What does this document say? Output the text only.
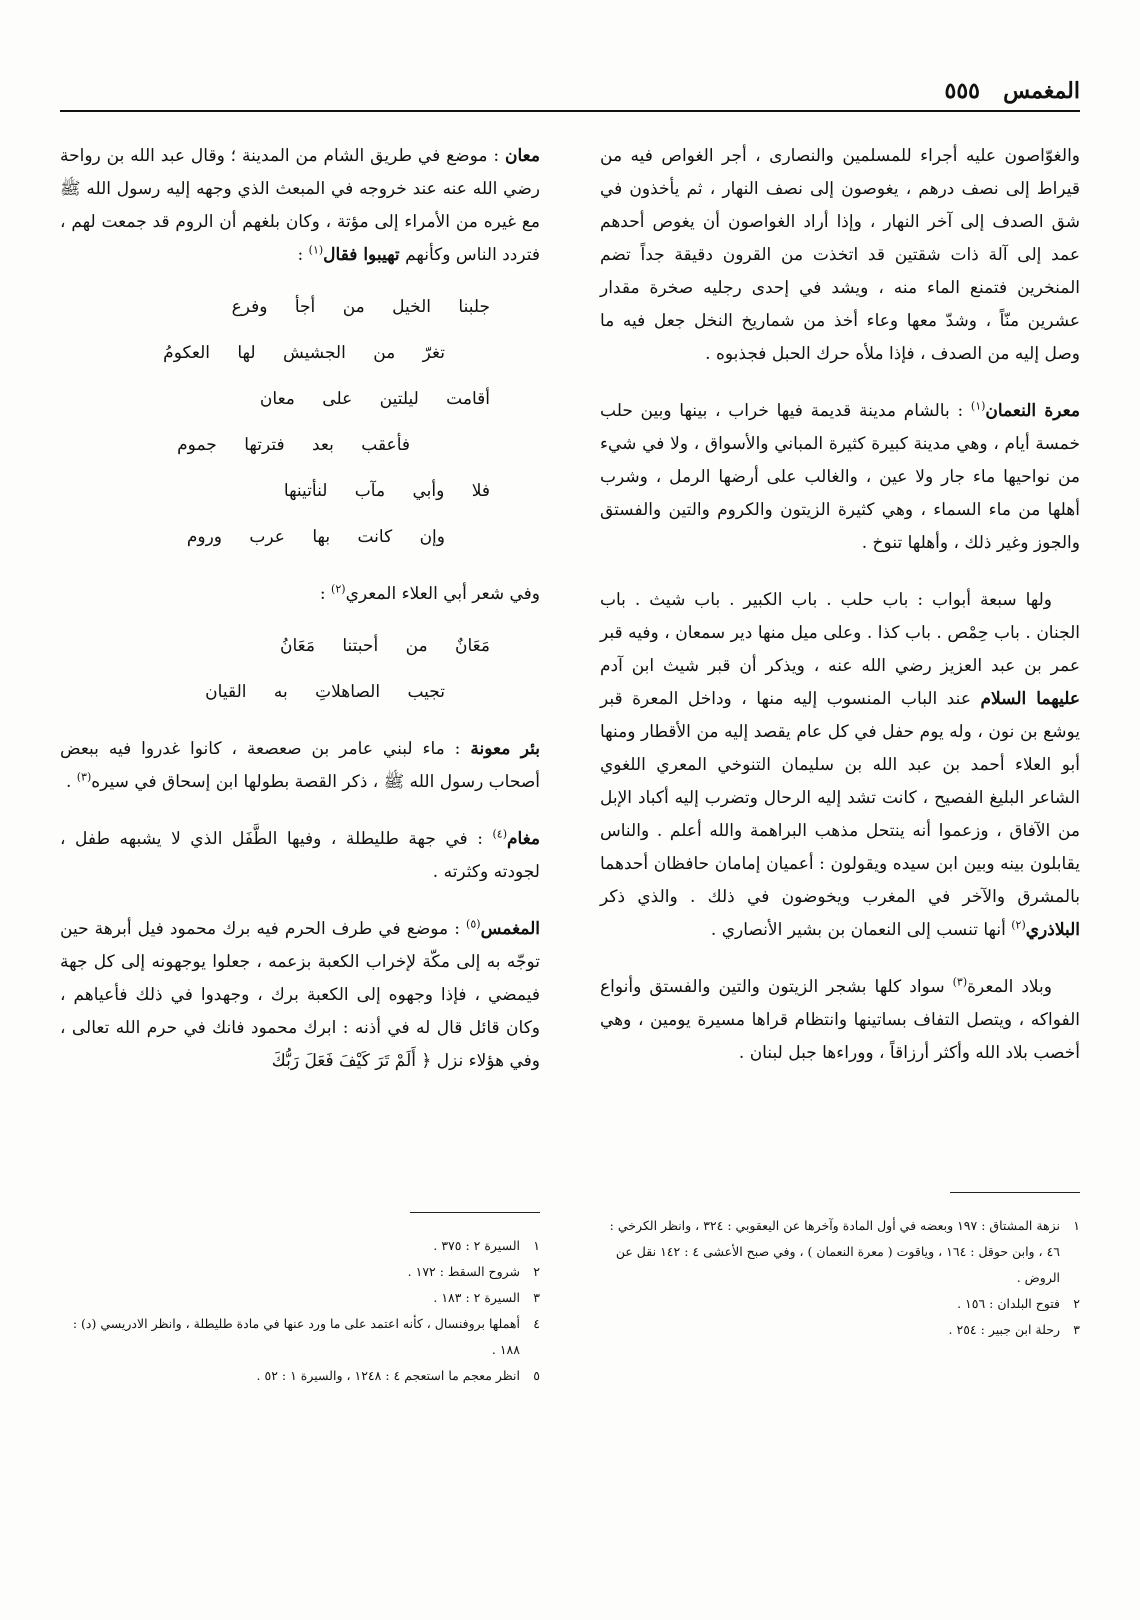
المغمس
٥٥٥

والغوّاصون عليه أجراء للمسلمين والنصارى ، أجر الغواص فيه من قيراط إلى نصف درهم ، يغوصون إلى نصف النهار ، ثم يأخذون في شق الصدف إلى آخر النهار ، وإذا أراد الغواصون أن يغوص أحدهم عمد إلى آلة ذات شقتين قد اتخذت من القرون دقيقة جداً تضم المنخرين فتمنع الماء منه ، ويشد في إحدى رجليه صخرة مقدار عشرين منّاً ، وشدّ معها وعاء أخذ من شماريخ النخل جعل فيه ما وصل إليه من الصدف ، فإذا ملأه حرك الحبل فجذبوه .

معرة النعمان$^{(١)}$ : بالشام مدينة قديمة فيها خراب ، بينها وبين حلب خمسة أيام ، وهي مدينة كبيرة كثيرة المباني والأسواق ، ولا في شيء من نواحيها ماء جار ولا عين ، والغالب على أرضها الرمل ، وشرب أهلها من ماء السماء ، وهي كثيرة الزيتون والكروم والتين والفستق والجوز وغير ذلك ، وأهلها تنوخ .

ولها سبعة أبواب : باب حلب . باب الكبير . باب شيث . باب الجنان . باب حِمْص . باب كذا . وعلى ميل منها دير سمعان ، وفيه قبر عمر بن عبد العزيز رضي الله عنه ، ويذكر أن قبر شيث ابن آدم عليهما السلام عند الباب المنسوب إليه منها ، وداخل المعرة قبر يوشع بن نون ، وله يوم حفل في كل عام يقصد إليه من الأقطار ومنها أبو العلاء أحمد بن عبد الله بن سليمان التنوخي المعري اللغوي الشاعر البليغ الفصيح ، كانت تشد إليه الرحال وتضرب إليه أكباد الإبل من الآفاق ، وزعموا أنه ينتحل مذهب البراهمة والله أعلم . والناس يقابلون بينه وبين ابن سيده ويقولون : أعميان إمامان حافظان أحدهما بالمشرق والآخر في المغرب ويخوضون في ذلك . والذي ذكر البلاذري$^{(٢)}$ أنها تنسب إلى النعمان بن بشير الأنصاري .

وبلاد المعرة$^{(٣)}$ سواد كلها بشجر الزيتون والتين والفستق وأنواع الفواكه ، ويتصل التفاف بساتينها وانتظام قراها مسيرة يومين ، وهي أخصب بلاد الله وأكثر أرزاقاً ، ووراءها جبل لبنان .

معان : موضع في طريق الشام من المدينة ؛ وقال عبد الله بن رواحة رضي الله عنه عند خروجه في المبعث الذي وجهه إليه رسول الله ﷺ مع غيره من الأمراء إلى مؤتة ، وكان بلغهم أن الروم قد جمعت لهم ، فتردد الناس وكأنهم تهيبوا فقال$^{(١)}$ :

جلبنا الخيل من أجأ وفرع
تغرّ من الجشيش لها العكومُ
أقامت ليلتين على معان
فأعقب بعد فترتها جموم
فلا وأبي مآب لنأتينها
وإن كانت بها عرب وروم

وفي شعر أبي العلاء المعري$^{(٢)}$ :

مَعَانٌ من أحبتنا مَعَانُ
تجيب الصاهلاتِ به القيان

بئر معونة : ماء لبني عامر بن صعصعة ، كانوا غدروا فيه ببعض أصحاب رسول الله ﷺ ، ذكر القصة بطولها ابن إسحاق في سيره$^{(٣)}$ .

مغام$^{(٤)}$ : في جهة طليطلة ، وفيها الطَّفَل الذي لا يشبهه طفل ، لجودته وكثرته .

المغمس$^{(٥)}$ : موضع في طرف الحرم فيه برك محمود فيل أبرهة حين توجّه به إلى مكّة لإخراب الكعبة بزعمه ، جعلوا يوجهونه إلى كل جهة فيمضي ، فإذا وجهوه إلى الكعبة برك ، وجهدوا في ذلك فأعياهم ، وكان قائل قال له في أذنه : ابرك محمود فانك في حرم الله تعالى ، وفي هؤلاء نزل ﴿ أَلَمْ تَرَ كَيْفَ فَعَلَ رَبُّكَ

١
نزهة المشتاق : ١٩٧ وبعضه في أول المادة وآخرها عن اليعقوبي : ٣٢٤ ، وانظر الكرخي : ٤٦ ، وابن حوقل : ١٦٤ ، وياقوت ( معرة النعمان ) ، وفي صبح الأعشى ٤ : ١٤٢ نقل عن الروض .
٢
فتوح البلدان : ١٥٦ .
٣
رحلة ابن جبير : ٢٥٤ .
١
السيرة ٢ : ٣٧٥ .
٢
شروح السقط : ١٧٢ .
٣
السيرة ٢ : ١٨٣ .
٤
أهملها بروفنسال ، كأنه اعتمد على ما ورد عنها في مادة طليطلة ، وانظر الادريسي (د) : ١٨٨ .
٥
انظر معجم ما استعجم ٤ : ١٢٤٨ ، والسيرة ١ : ٥٢ .
